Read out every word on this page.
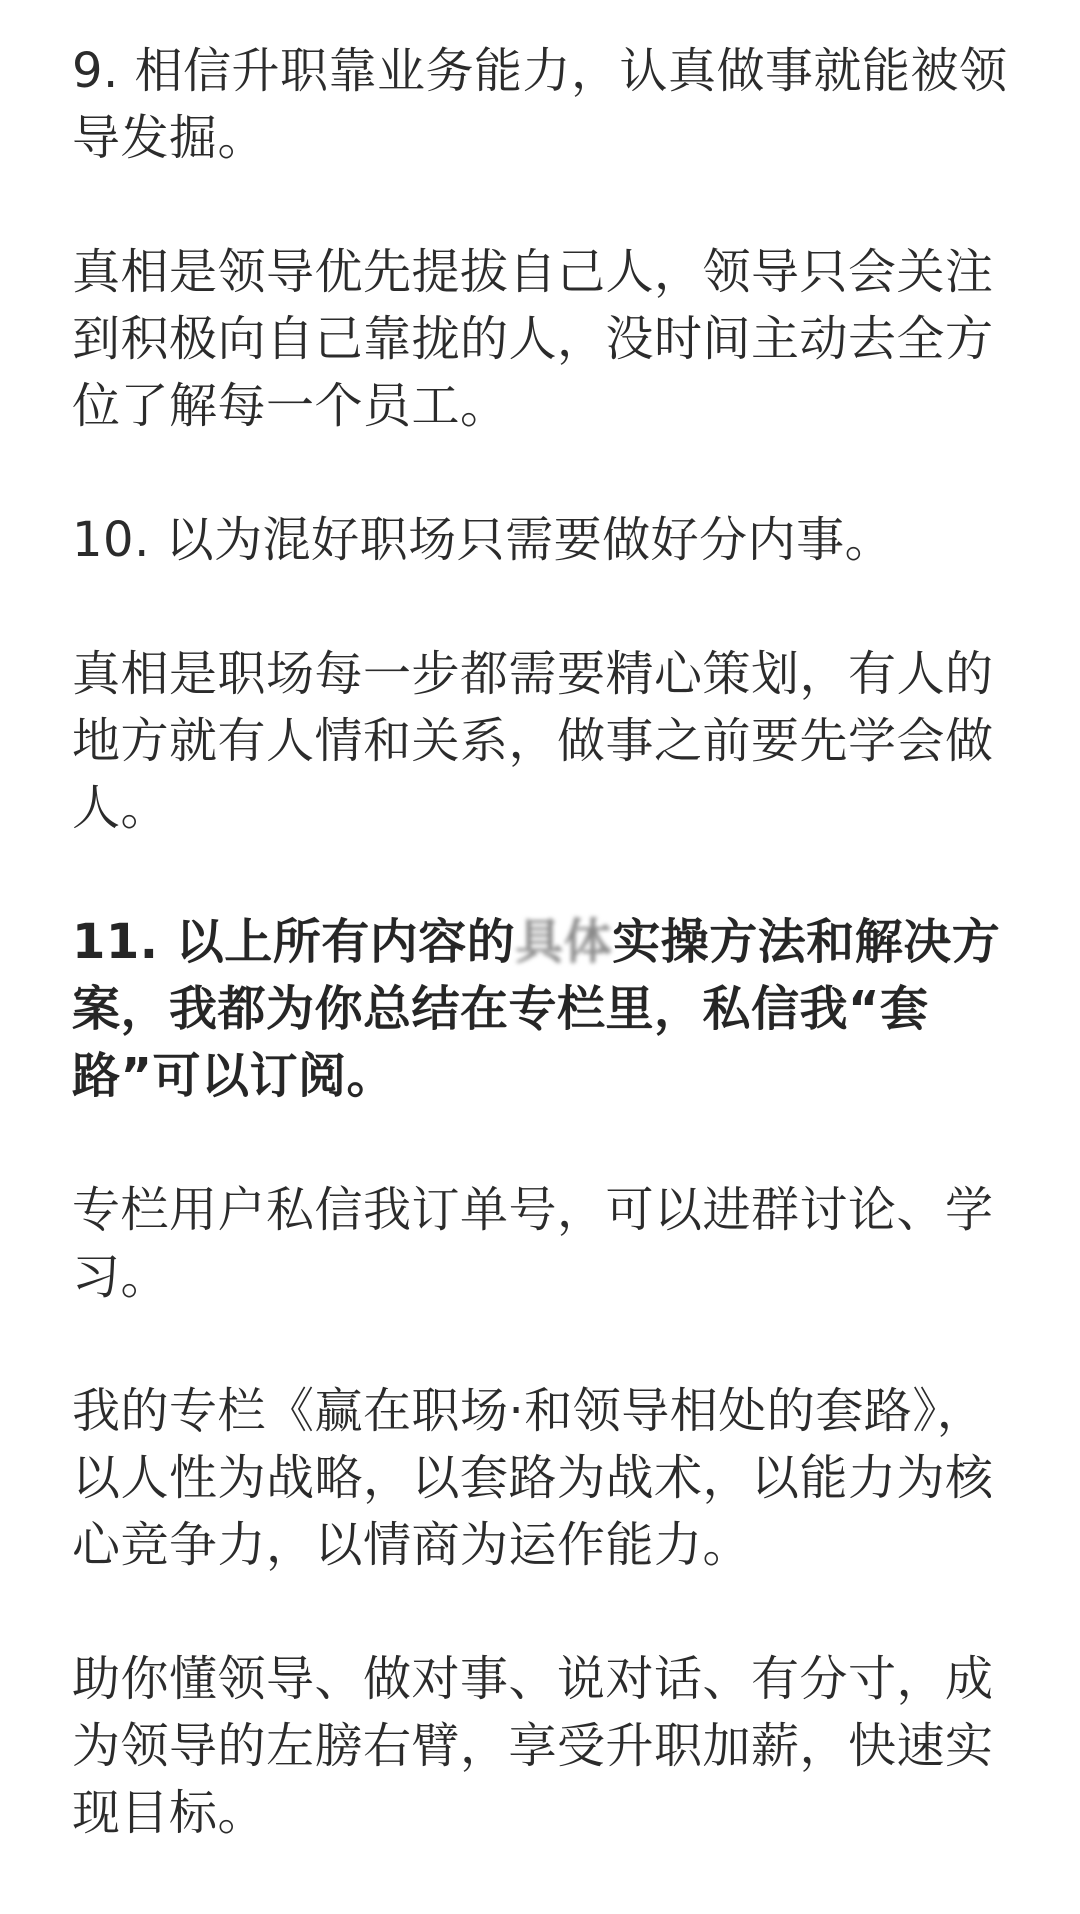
9. 相信升职靠业务能力，认真做事就能被领导发掘。

真相是领导优先提拔自己人，领导只会关注到积极向自己靠拢的人，没时间主动去全方位了解每一个员工。

10. 以为混好职场只需要做好分内事。

真相是职场每一步都需要精心策划，有人的地方就有人情和关系，做事之前要先学会做人。

11. 以上所有内容的具体实操方法和解决方案，我都为你总结在专栏里，私信我“套路”可以订阅。

专栏用户私信我订单号，可以进群讨论、学习。

我的专栏《赢在职场·和领导相处的套路》，以人性为战略，以套路为战术，以能力为核心竞争力，以情商为运作能力。

助你懂领导、做对事、说对话、有分寸，成为领导的左膀右臂，享受升职加薪，快速实现目标。
